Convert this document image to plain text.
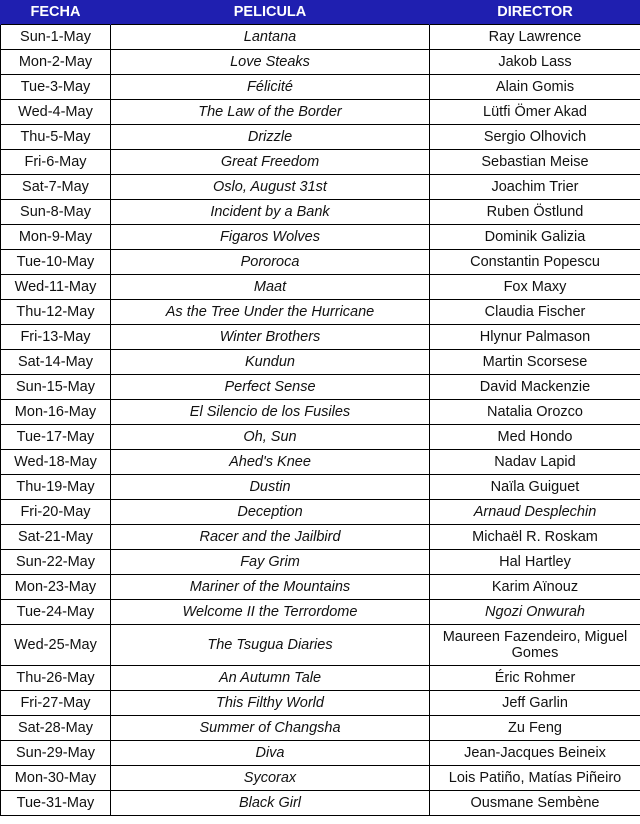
FECHA	PELICULA	DIRECTOR
Sun-1-May	Lantana	Ray Lawrence
Mon-2-May	Love Steaks	Jakob Lass
Tue-3-May	Félicité	Alain Gomis
Wed-4-May	The Law of the Border	Lütfi Ömer Akad
Thu-5-May	Drizzle	Sergio Olhovich
Fri-6-May	Great Freedom	Sebastian Meise
Sat-7-May	Oslo, August 31st	Joachim Trier
Sun-8-May	Incident by a Bank	Ruben Östlund
Mon-9-May	Figaros Wolves	Dominik Galizia
Tue-10-May	Pororoca	Constantin Popescu
Wed-11-May	Maat	Fox Maxy
Thu-12-May	As the Tree Under the Hurricane	Claudia Fischer
Fri-13-May	Winter Brothers	Hlynur Palmason
Sat-14-May	Kundun	Martin Scorsese
Sun-15-May	Perfect Sense	David Mackenzie
Mon-16-May	El Silencio de los Fusiles	Natalia Orozco
Tue-17-May	Oh, Sun	Med Hondo
Wed-18-May	Ahed's Knee	Nadav Lapid
Thu-19-May	Dustin	Naïla Guiguet
Fri-20-May	Deception	Arnaud Desplechin
Sat-21-May	Racer and the Jailbird	Michaël R. Roskam
Sun-22-May	Fay Grim	Hal Hartley
Mon-23-May	Mariner of the Mountains	Karim Aïnouz
Tue-24-May	Welcome II the Terrordome	Ngozi Onwurah
Wed-25-May	The Tsugua Diaries	Maureen Fazendeiro, Miguel Gomes
Thu-26-May	An Autumn Tale	Éric Rohmer
Fri-27-May	This Filthy World	Jeff Garlin
Sat-28-May	Summer of Changsha	Zu Feng
Sun-29-May	Diva	Jean-Jacques Beineix
Mon-30-May	Sycorax	Lois Patiño, Matías Piñeiro
Tue-31-May	Black Girl	Ousmane Sembène
